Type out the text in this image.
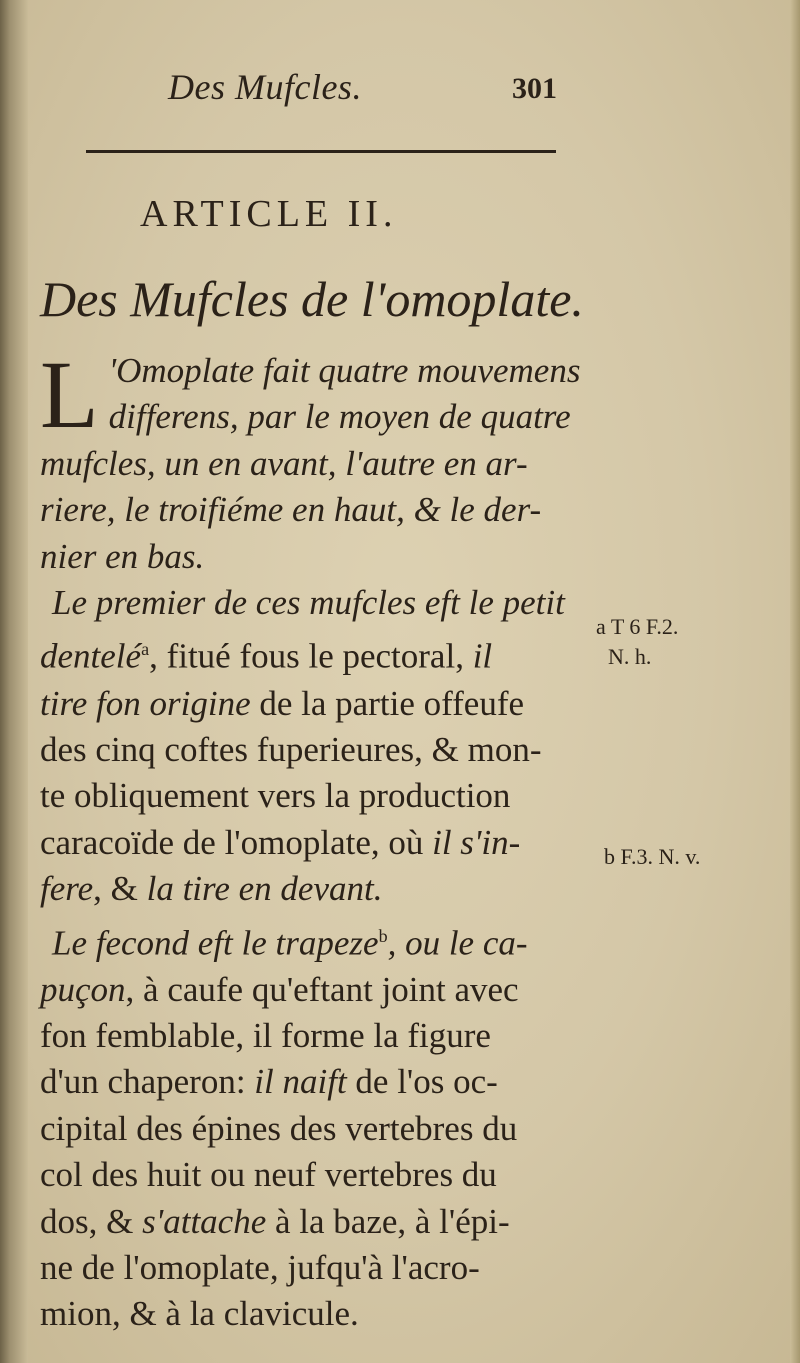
Des Mufcles.	301
ARTICLE II.
Des Mufcles de l'omoplate.
L 'Omoplate fait quatre mouvemens
differens, par le moyen de quatre
mufcles, un en avant, l'autre en ar-
riere, le troifiéme en haut, & le der-
nier en bas.
Le premier de ces mufcles eft le petit
dentelé$^a$, fitué fous le pectoral, il
tire fon origine de la partie offeufe
des cinq coftes fuperieures, & mon-
te obliquement vers la production
caracoïde de l'omoplate, où il s'in-
fere, & la tire en devant.
Le fecond eft le trapeze$^b$, ou le ca-
puçon, à caufe qu'eftant joint avec
fon femblable, il forme la figure
d'un chaperon: il naift de l'os oc-
cipital des épines des vertebres du
col des huit ou neuf vertebres du
dos, & s'attache à la baze, à l'épi-
ne de l'omoplate, jufqu'à l'acro-
mion, & à la clavicule.
a T 6 F.2.
N. h.
b F.3. N. v.
